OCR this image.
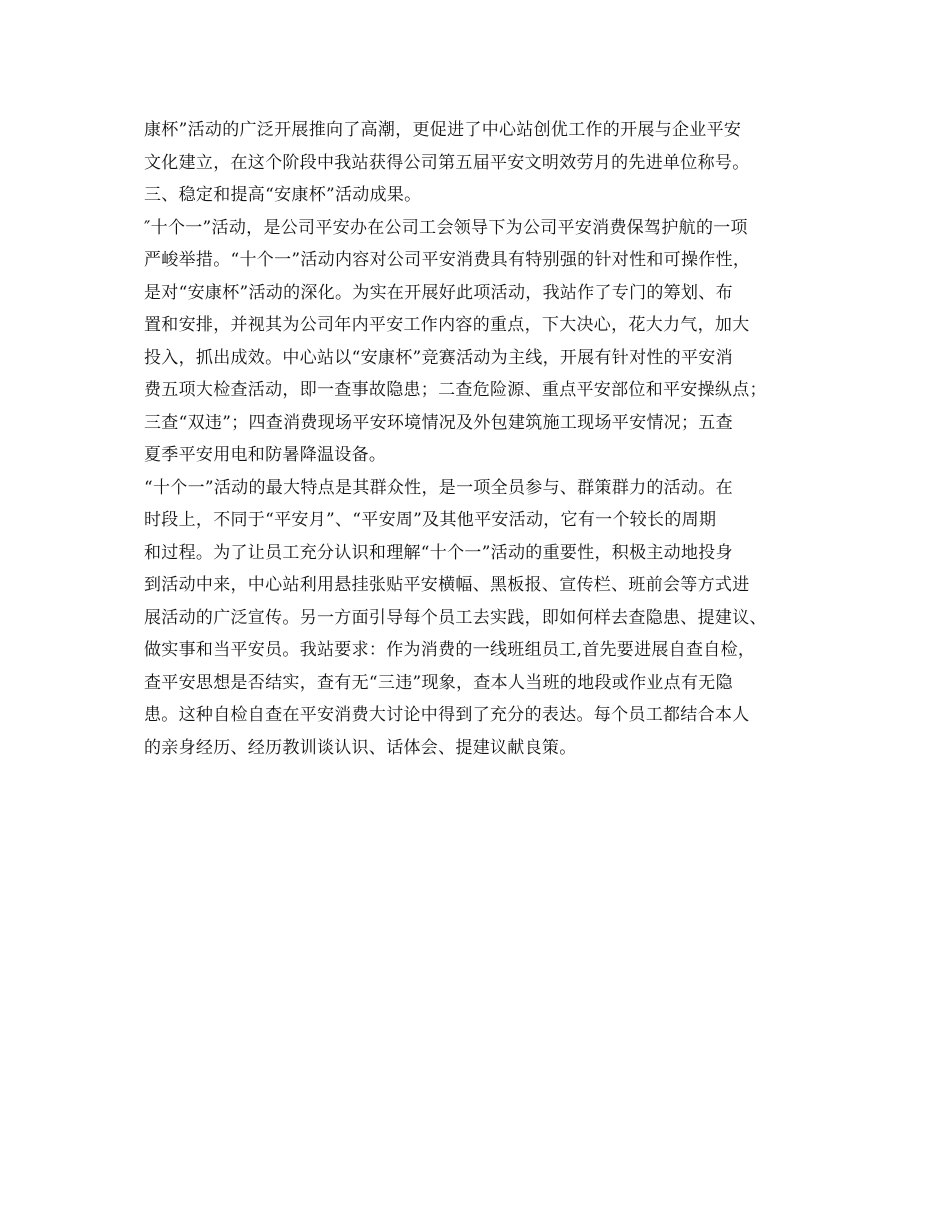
康杯”活动的广泛开展推向了高潮，更促进了中心站创优工作的开展与企业平安
文化建立，在这个阶段中我站获得公司第五届平安文明效劳月的先进单位称号。
三、稳定和提高“安康杯”活动成果。
″十个一”活动，是公司平安办在公司工会领导下为公司平安消费保驾护航的一项
严峻举措。“十个一”活动内容对公司平安消费具有特别强的针对性和可操作性，
是对“安康杯”活动的深化。为实在开展好此项活动，我站作了专门的筹划、布
置和安排，并视其为公司年内平安工作内容的重点，下大决心，花大力气，加大
投入，抓出成效。中心站以“安康杯”竞赛活动为主线，开展有针对性的平安消
费五项大检查活动，即一查事故隐患；二查危险源、重点平安部位和平安操纵点；
三查“双违”；四查消费现场平安环境情况及外包建筑施工现场平安情况；五查
夏季平安用电和防暑降温设备。
“十个一”活动的最大特点是其群众性，是一项全员参与、群策群力的活动。在
时段上，不同于“平安月”、“平安周”及其他平安活动，它有一个较长的周期
和过程。为了让员工充分认识和理解“十个一”活动的重要性，积极主动地投身
到活动中来，中心站利用悬挂张贴平安横幅、黑板报、宣传栏、班前会等方式进
展活动的广泛宣传。另一方面引导每个员工去实践，即如何样去查隐患、提建议、
做实事和当平安员。我站要求：作为消费的一线班组员工,首先要进展自查自检，
查平安思想是否结实，查有无“三违”现象，查本人当班的地段或作业点有无隐
患。这种自检自查在平安消费大讨论中得到了充分的表达。每个员工都结合本人
的亲身经历、经历教训谈认识、话体会、提建议献良策。
